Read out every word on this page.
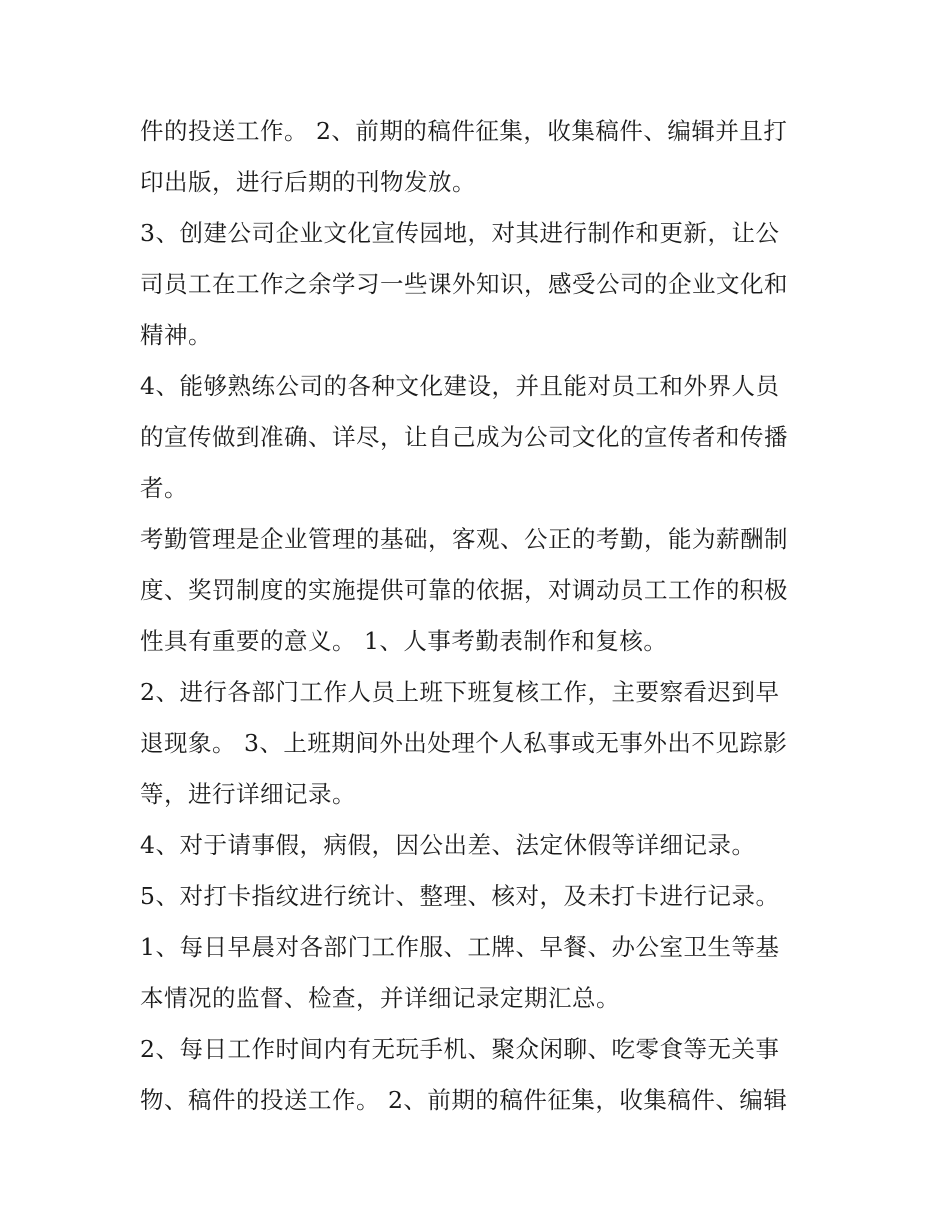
件的投送工作。 2、前期的稿件征集，收集稿件、编辑并且打
印出版，进行后期的刊物发放。
3、创建公司企业文化宣传园地，对其进行制作和更新，让公
司员工在工作之余学习一些课外知识，感受公司的企业文化和
精神。
4、能够熟练公司的各种文化建设，并且能对员工和外界人员
的宣传做到准确、详尽，让自己成为公司文化的宣传者和传播
者。
考勤管理是企业管理的基础，客观、公正的考勤，能为薪酬制
度、奖罚制度的实施提供可靠的依据，对调动员工工作的积极
性具有重要的意义。 1、人事考勤表制作和复核。
2、进行各部门工作人员上班下班复核工作，主要察看迟到早
退现象。 3、上班期间外出处理个人私事或无事外出不见踪影
等，进行详细记录。
4、对于请事假，病假，因公出差、法定休假等详细记录。
5、对打卡指纹进行统计、整理、核对，及未打卡进行记录。
1、每日早晨对各部门工作服、工牌、早餐、办公室卫生等基
本情况的监督、检查，并详细记录定期汇总。
2、每日工作时间内有无玩手机、聚众闲聊、吃零食等无关事
物、稿件的投送工作。 2、前期的稿件征集，收集稿件、编辑
